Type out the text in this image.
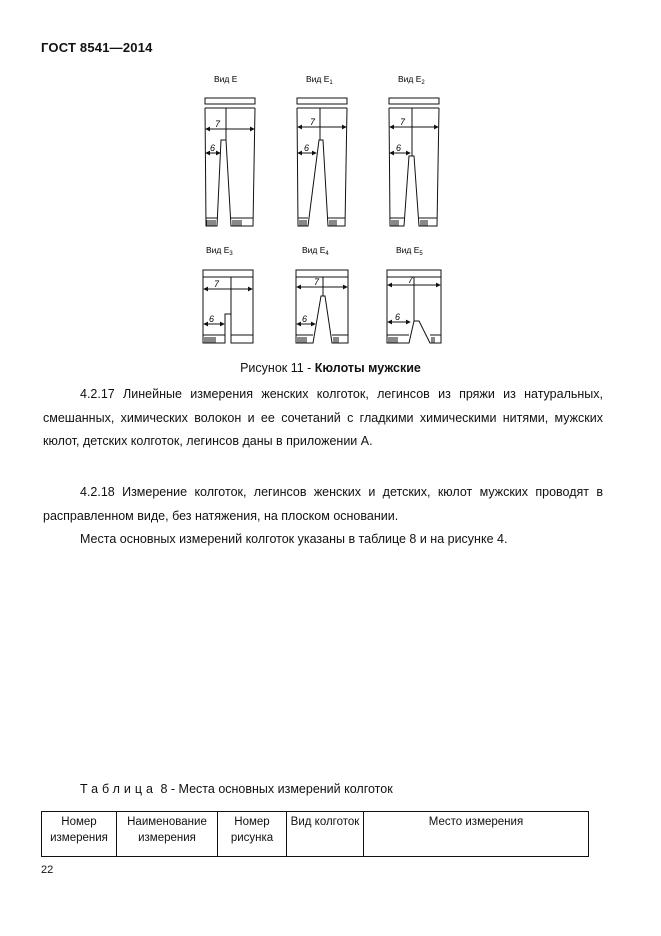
ГОСТ 8541—2014
Вид Е	Вид $Е_1$	Вид $Е_2$
Вид $Е_3$	Вид $Е_4$	Вид $Е_5$
7
6
7
6
7
6
7
6
7
6
7
6
Рисунок 11 - Кюлоты мужские

4.2.17 Линейные измерения женских колготок, легинсов из пряжи из натуральных, смешанных, химических волокон и ее сочетаний с гладкими химическими нитями, мужских кюлот, детских колготок, легинсов даны в приложении А.

4.2.18 Измерение колготок, легинсов женских и детских, кюлот мужских проводят в расправленном виде, без натяжения, на плоском основании.

Места основных измерений колготок указаны в таблице 8 и на рисунке 4.

Таблица 8 - Места основных измерений колготок
Номер измерения	Наименование измерения	Номер рисунка	Вид колготок	Место измерения
22
